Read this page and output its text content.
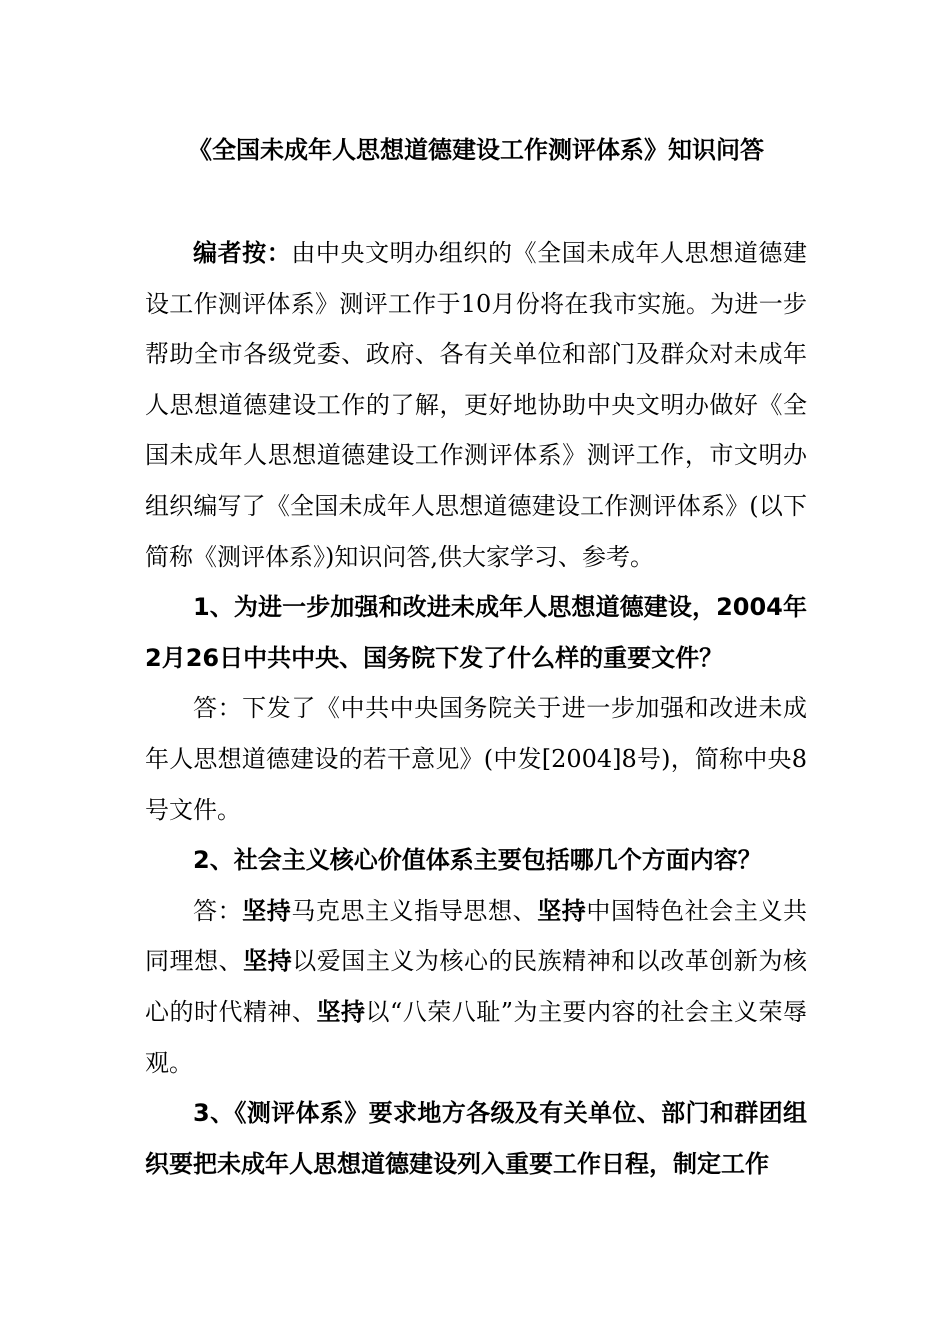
《全国未成年人思想道德建设工作测评体系》知识问答

编者按：由中央文明办组织的《全国未成年人思想道德建设工作测评体系》测评工作于10月份将在我市实施。为进一步帮助全市各级党委、政府、各有关单位和部门及群众对未成年人思想道德建设工作的了解，更好地协助中央文明办做好《全国未成年人思想道德建设工作测评体系》测评工作，市文明办组织编写了《全国未成年人思想道德建设工作测评体系》(以下简称《测评体系》)知识问答,供大家学习、参考。

1、为进一步加强和改进未成年人思想道德建设，2004年2月26日中共中央、国务院下发了什么样的重要文件？

答：下发了《中共中央国务院关于进一步加强和改进未成年人思想道德建设的若干意见》(中发[2004]8号)，简称中央8号文件。

2、社会主义核心价值体系主要包括哪几个方面内容？

答：坚持马克思主义指导思想、坚持中国特色社会主义共同理想、坚持以爱国主义为核心的民族精神和以改革创新为核心的时代精神、坚持以“八荣八耻”为主要内容的社会主义荣辱观。

3、《测评体系》要求地方各级及有关单位、部门和群团组织要把未成年人思想道德建设列入重要工作日程，制定工作
